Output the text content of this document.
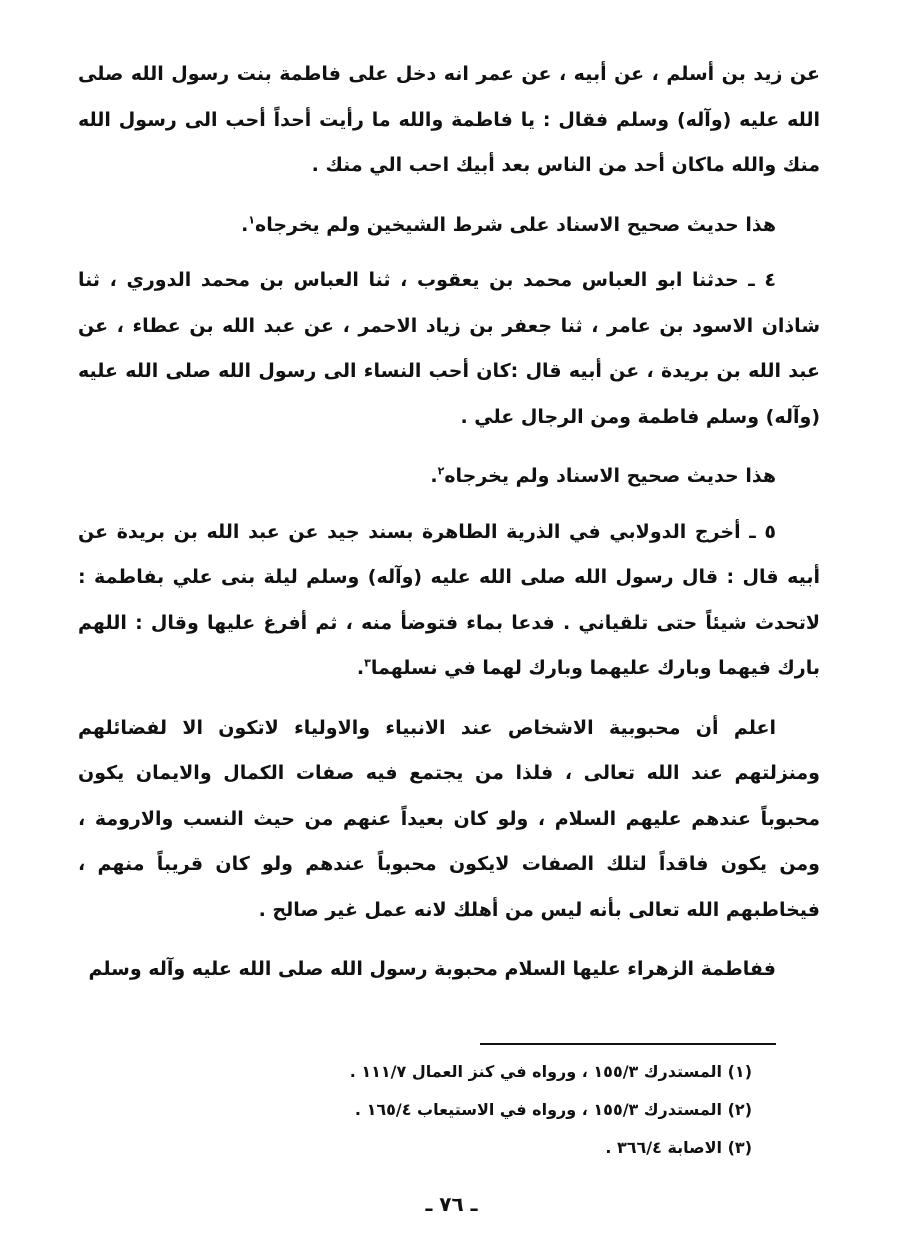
عن زيد بن أسلم ، عن أبيه ، عن عمر انه دخل على فاطمة بنت رسول الله صلى الله عليه (وآله) وسلم فقال : يا فاطمة والله ما رأيت أحداً أحب الى رسول الله منك والله ماكان أحد من الناس بعد أبيك احب الي منك .

هذا حديث صحيح الاسناد على شرط الشيخين ولم يخرجاه$^١$.

٤ ـ حدثنا ابو العباس محمد بن يعقوب ، ثنا العباس بن محمد الدوري ، ثنا شاذان الاسود بن عامر ، ثنا جعفر بن زياد الاحمر ، عن عبد الله بن عطاء ، عن عبد الله بن بريدة ، عن أبيه قال :كان أحب النساء الى رسول الله صلى الله عليه (وآله) وسلم فاطمة ومن الرجال علي .

هذا حديث صحيح الاسناد ولم يخرجاه$^٢$.

٥ ـ أخرج الدولابي في الذرية الطاهرة بسند جيد عن عبد الله بن بريدة عن أبيه قال : قال رسول الله صلى الله عليه (وآله) وسلم ليلة بنى علي بفاطمة : لاتحدث شيئاً حتى تلقياني . فدعا بماء فتوضأ منه ، ثم أفرغ عليها وقال : اللهم بارك فيهما وبارك عليهما وبارك لهما في نسلهما$^٣$.

اعلم أن محبوبية الاشخاص عند الانبياء والاولياء لاتكون الا لفضائلهم ومنزلتهم عند الله تعالى ، فلذا من يجتمع فيه صفات الكمال والايمان يكون محبوباً عندهم عليهم السلام ، ولو كان بعيداً عنهم من حيث النسب والارومة ، ومن يكون فاقداً لتلك الصفات لايكون محبوباً عندهم ولو كان قريباً منهم ، فيخاطبهم الله تعالى بأنه ليس من أهلك لانه عمل غير صالح .

ففاطمة الزهراء عليها السلام محبوبة رسول الله صلى الله عليه وآله وسلم

(١) المستدرك ١٥٥/٣ ، ورواه في كنز العمال ١١١/٧ .

(٢) المستدرك ١٥٥/٣ ، ورواه في الاستيعاب ١٦٥/٤ .

(٣) الاصابة ٣٦٦/٤ .

ـ ٧٦ ـ
